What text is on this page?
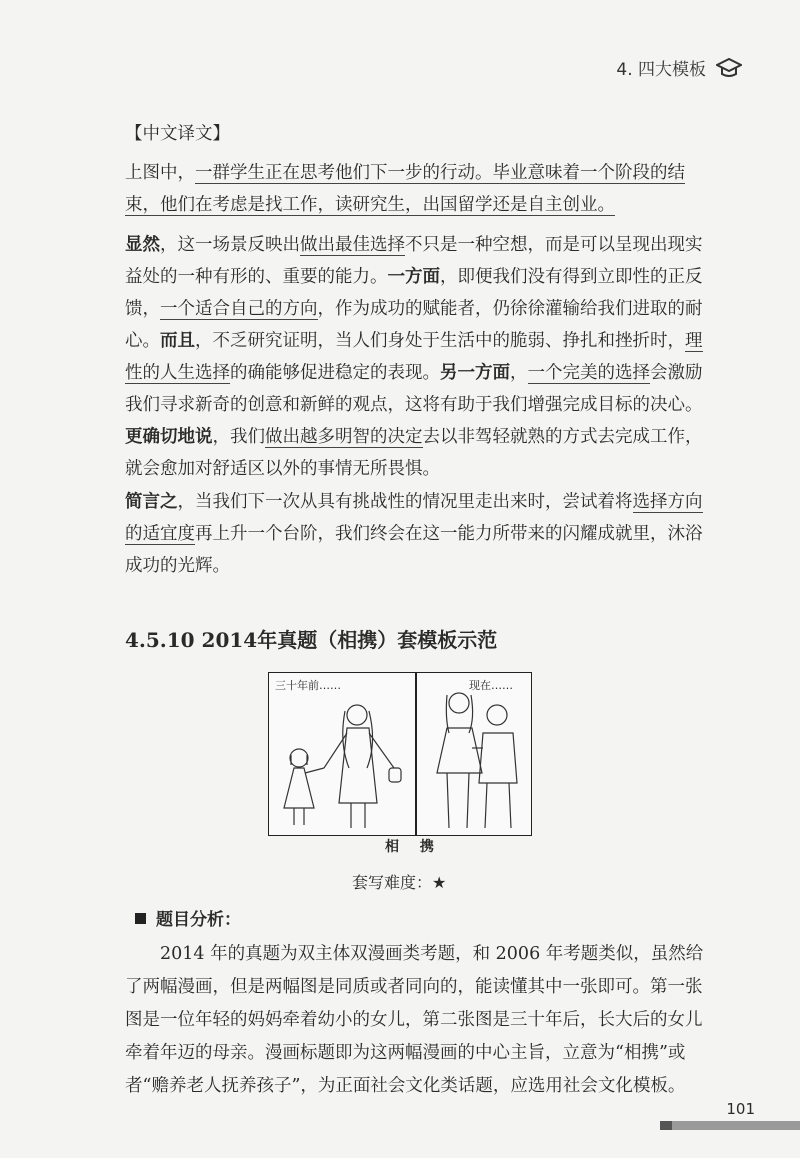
4. 四大模板
【中文译文】
上图中，一群学生正在思考他们下一步的行动。毕业意味着一个阶段的结束，他们在考虑是找工作，读研究生，出国留学还是自主创业。
显然，这一场景反映出做出最佳选择不只是一种空想，而是可以呈现出现实益处的一种有形的、重要的能力。一方面，即便我们没有得到立即性的正反馈，一个适合自己的方向，作为成功的赋能者，仍徐徐灌输给我们进取的耐心。而且，不乏研究证明，当人们身处于生活中的脆弱、挣扎和挫折时，理性的人生选择的确能够促进稳定的表现。另一方面，一个完美的选择会激励我们寻求新奇的创意和新鲜的观点，这将有助于我们增强完成目标的决心。更确切地说，我们做出越多明智的决定去以非驾轻就熟的方式去完成工作，就会愈加对舒适区以外的事情无所畏惧。
简言之，当我们下一次从具有挑战性的情况里走出来时，尝试着将选择方向的适宜度再上升一个台阶，我们终会在这一能力所带来的闪耀成就里，沐浴成功的光辉。
4.5.10 2014年真题（相携）套模板示范
三十年前……	现在……
相 携
套写难度：★
题目分析：
2014 年的真题为双主体双漫画类考题，和 2006 年考题类似，虽然给了两幅漫画，但是两幅图是同质或者同向的，能读懂其中一张即可。第一张图是一位年轻的妈妈牵着幼小的女儿，第二张图是三十年后，长大后的女儿牵着年迈的母亲。漫画标题即为这两幅漫画的中心主旨，立意为“相携”或者“赡养老人抚养孩子”，为正面社会文化类话题，应选用社会文化模板。
101
